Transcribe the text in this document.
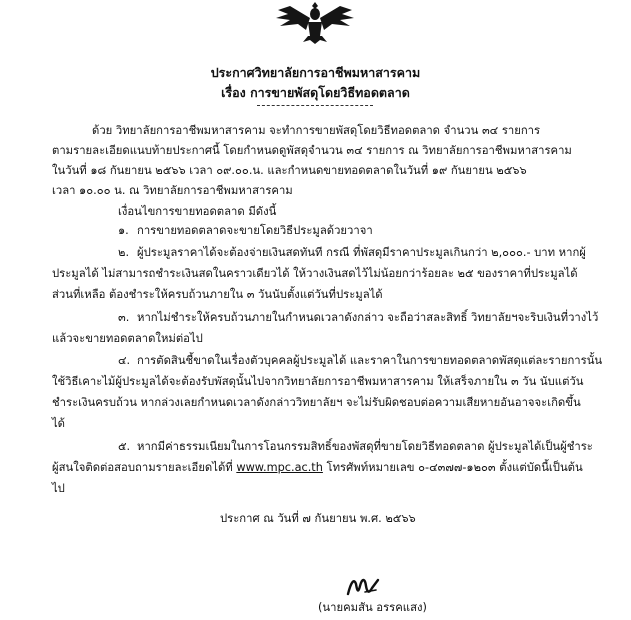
ประกาศวิทยาลัยการอาชีพมหาสารคาม
เรื่อง การขายพัสดุโดยวิธีทอดตลาด
ด้วย วิทยาลัยการอาชีพมหาสารคาม จะทำการขายพัสดุโดยวิธีทอดตลาด จำนวน ๓๔ รายการ
ตามรายละเอียดแนบท้ายประกาศนี้ โดยกำหนดดูพัสดุจำนวน ๓๔ รายการ ณ วิทยาลัยการอาชีพมหาสารคาม
ในวันที่ ๑๘ กันยายน ๒๕๖๖ เวลา ๐๙.๐๐.น. และกำหนดขายทอดตลาดในวันที่ ๑๙ กันยายน ๒๕๖๖
เวลา ๑๐.๐๐ น. ณ วิทยาลัยการอาชีพมหาสารคาม
เงื่อนไขการขายทอดตลาด มีดังนี้
๑. การขายทอดตลาดจะขายโดยวิธีประมูลด้วยวาจา
๒. ผู้ประมูลราคาได้จะต้องจ่ายเงินสดทันที กรณี ที่พัสดุมีราคาประมูลเกินกว่า ๒,๐๐๐.- บาท หากผู้
ประมูลได้ ไม่สามารถชำระเงินสดในคราวเดียวได้ ให้วางเงินสดไว้ไม่น้อยกว่าร้อยละ ๒๕ ของราคาที่ประมูลได้
ส่วนที่เหลือ ต้องชำระให้ครบถ้วนภายใน ๓ วันนับตั้งแต่วันที่ประมูลได้
๓. หากไม่ชำระให้ครบถ้วนภายในกำหนดเวลาดังกล่าว จะถือว่าสละสิทธิ์ วิทยาลัยฯจะริบเงินที่วางไว้
แล้วจะขายทอดตลาดใหม่ต่อไป
๔. การตัดสินชี้ขาดในเรื่องตัวบุคคลผู้ประมูลได้ และราคาในการขายทอดตลาดพัสดุแต่ละรายการนั้น
ใช้วิธีเคาะไม้ผู้ประมูลได้จะต้องรับพัสดุนั้นไปจากวิทยาลัยการอาชีพมหาสารคาม ให้เสร็จภายใน ๓ วัน นับแต่วัน
ชำระเงินครบถ้วน หากล่วงเลยกำหนดเวลาดังกล่าววิทยาลัยฯ จะไม่รับผิดชอบต่อความเสียหายอันอาจจะเกิดขึ้น
ได้
๕. หากมีค่าธรรมเนียมในการโอนกรรมสิทธิ์ของพัสดุที่ขายโดยวิธีทอดตลาด ผู้ประมูลได้เป็นผู้ชำระ
ผู้สนใจติดต่อสอบถามรายละเอียดได้ที่ www.mpc.ac.th โทรศัพท์หมายเลข ๐-๔๓๗๗-๑๒๐๓ ตั้งแต่บัดนี้เป็นต้น
ไป
ประกาศ ณ วันที่ ๗ กันยายน พ.ศ. ๒๕๖๖
(นายคมสัน อรรคแสง)
